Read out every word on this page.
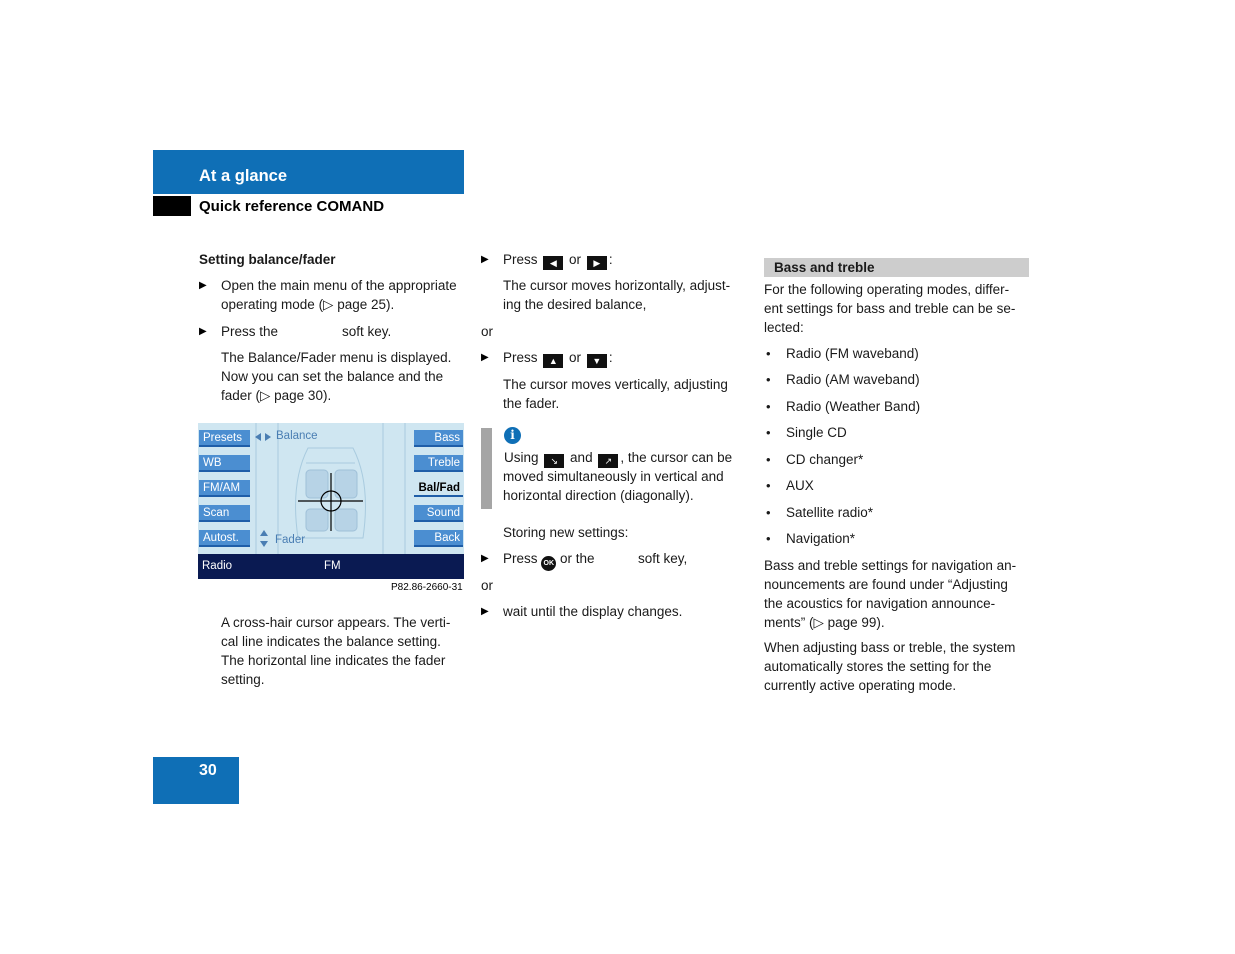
At a glance
Quick reference COMAND
Setting balance/fader
▶ Open the main menu of the appropriate
operating mode (▷ page 25).
▶ Press the	soft key.
The Balance/Fader menu is displayed.
Now you can set the balance and the
fader (▷ page 30).
Presets
WB
FM/AM
Scan
Autost.
Bass
Treble
Bal/Fad
Sound
Back
Balance
Fader
Radio	FM
P82.86-2660-31
A cross-hair cursor appears. The verti-
cal line indicates the balance setting.
The horizontal line indicates the fader
setting.
▶ Press ◀ or ▶ :
The cursor moves horizontally, adjust-
ing the desired balance,
or
▶ Press ▲ or ▼ :
The cursor moves vertically, adjusting
the fader.
i
Using ↘ and ↗ , the cursor can be
moved simultaneously in vertical and
horizontal direction (diagonally).
Storing new settings:
▶ Press OK or the	soft key,
or
▶ wait until the display changes.
Bass and treble
For the following operating modes, differ-
ent settings for bass and treble can be se-
lected:
• Radio (FM waveband)
• Radio (AM waveband)
• Radio (Weather Band)
• Single CD
• CD changer*
• AUX
• Satellite radio*
• Navigation*
Bass and treble settings for navigation an-
nouncements are found under “Adjusting
the acoustics for navigation announce-
ments” (▷ page 99).
When adjusting bass or treble, the system
automatically stores the setting for the
currently active operating mode.
30
